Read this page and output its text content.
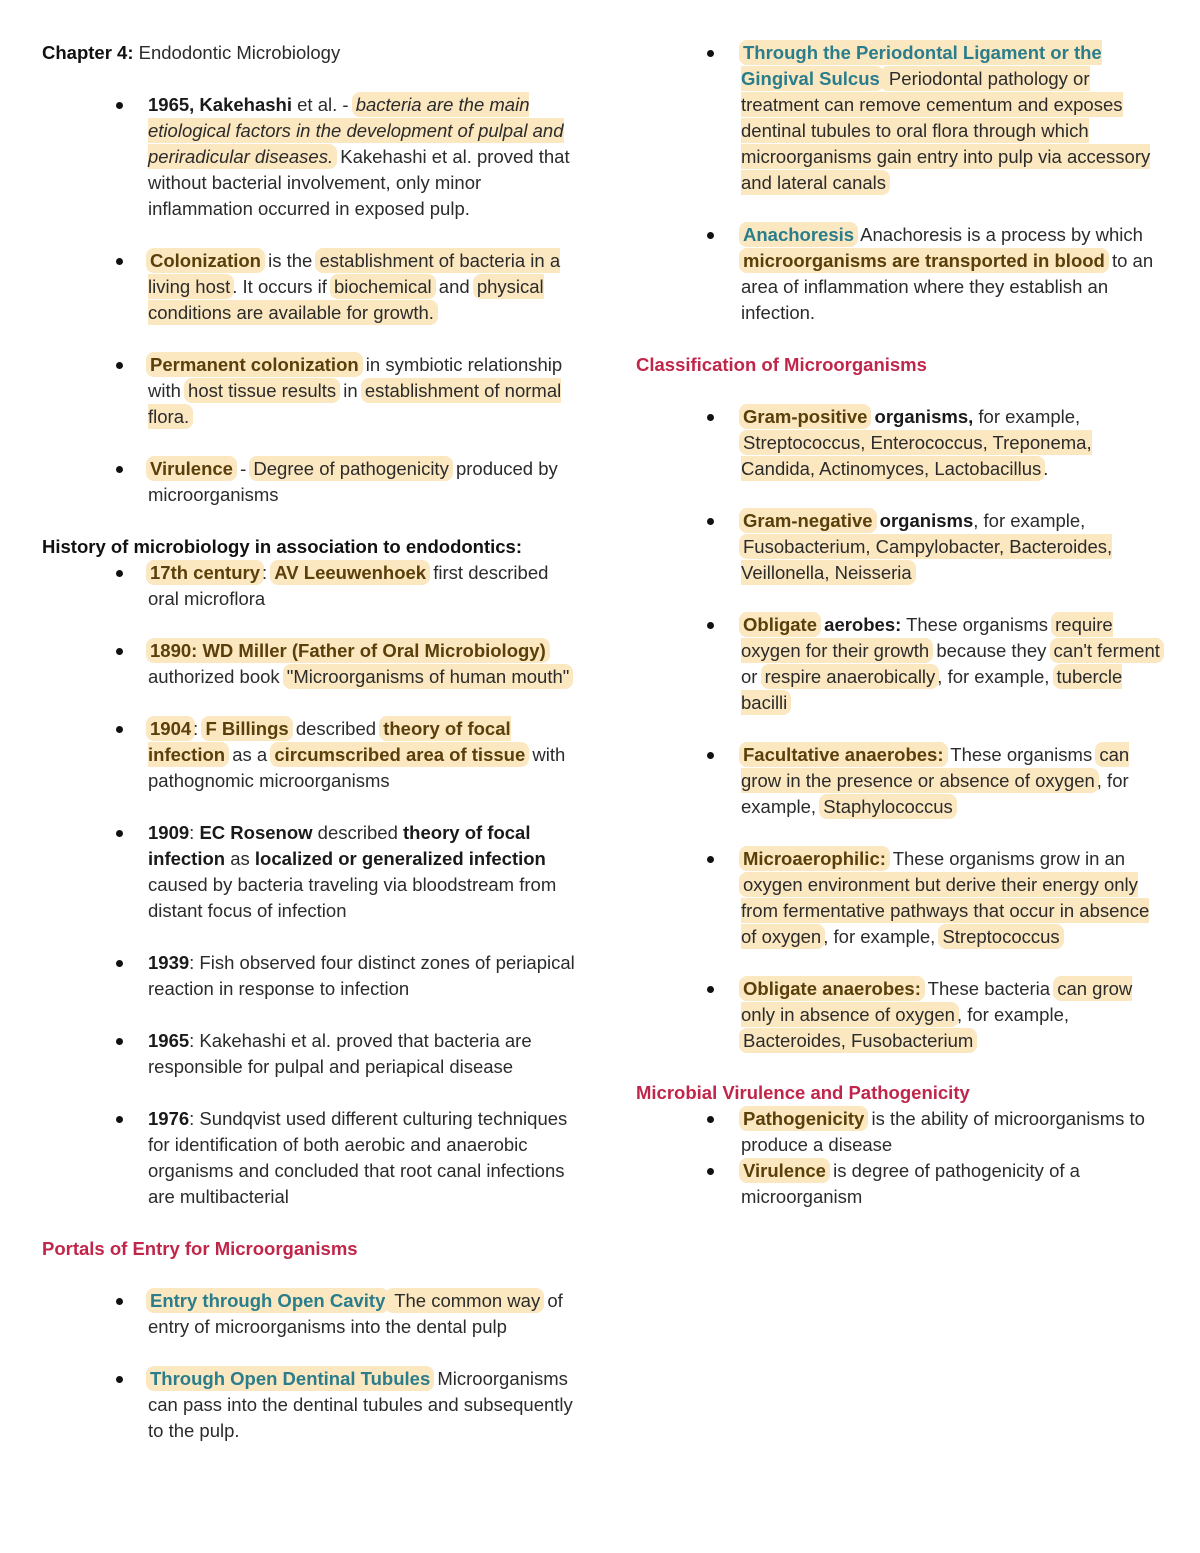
Chapter 4: Endodontic Microbiology

1965, Kakehashi et al. - bacteria are the main etiological factors in the development of pulpal and periradicular diseases. Kakehashi et al. proved that without bacterial involvement, only minor inflammation occurred in exposed pulp.
Colonization is the establishment of bacteria in a living host . It occurs if biochemical and physical conditions are available for growth.
Permanent colonization in symbiotic relationship with host tissue results in establishment of normal flora.
Virulence - Degree of pathogenicity produced by microorganisms

History of microbiology in association to endodontics:

17th century : AV Leeuwenhoek first described oral microflora
1890: WD Miller (Father of Oral Microbiology) authorized book "Microorganisms of human mouth"
1904 : F Billings described theory of focal infection as a circumscribed area of tissue with pathognomic microorganisms
1909: EC Rosenow described theory of focal infection as localized or generalized infection caused by bacteria traveling via bloodstream from distant focus of infection
1939: Fish observed four distinct zones of periapical reaction in response to infection
1965: Kakehashi et al. proved that bacteria are responsible for pulpal and periapical disease
1976: Sundqvist used different culturing techniques for identification of both aerobic and anaerobic organisms and concluded that root canal infections are multibacterial

Portals of Entry for Microorganisms

Entry through Open Cavity The common way of entry of microorganisms into the dental pulp
Through Open Dentinal Tubules Microorganisms can pass into the dentinal tubules and subsequently to the pulp.
Through the Periodontal Ligament or the Gingival Sulcus Periodontal pathology or treatment can remove cementum and exposes dentinal tubules to oral flora through which microorganisms gain entry into pulp via accessory and lateral canals
Anachoresis Anachoresis is a process by which microorganisms are transported in blood to an area of inflammation where they establish an infection.

Classification of Microorganisms

Gram-positive organisms, for example, Streptococcus, Enterococcus, Treponema, Candida, Actinomyces, Lactobacillus .
Gram-negative organisms, for example, Fusobacterium, Campylobacter, Bacteroides, Veillonella, Neisseria
Obligate aerobes: These organisms require oxygen for their growth because they can't ferment or respire anaerobically , for example, tubercle bacilli
Facultative anaerobes: These organisms can grow in the presence or absence of oxygen , for example, Staphylococcus
Microaerophilic: These organisms grow in an oxygen environment but derive their energy only from fermentative pathways that occur in absence of oxygen , for example, Streptococcus
Obligate anaerobes: These bacteria can grow only in absence of oxygen , for example, Bacteroides, Fusobacterium

Microbial Virulence and Pathogenicity

Pathogenicity is the ability of microorganisms to produce a disease
Virulence is degree of pathogenicity of a microorganism
